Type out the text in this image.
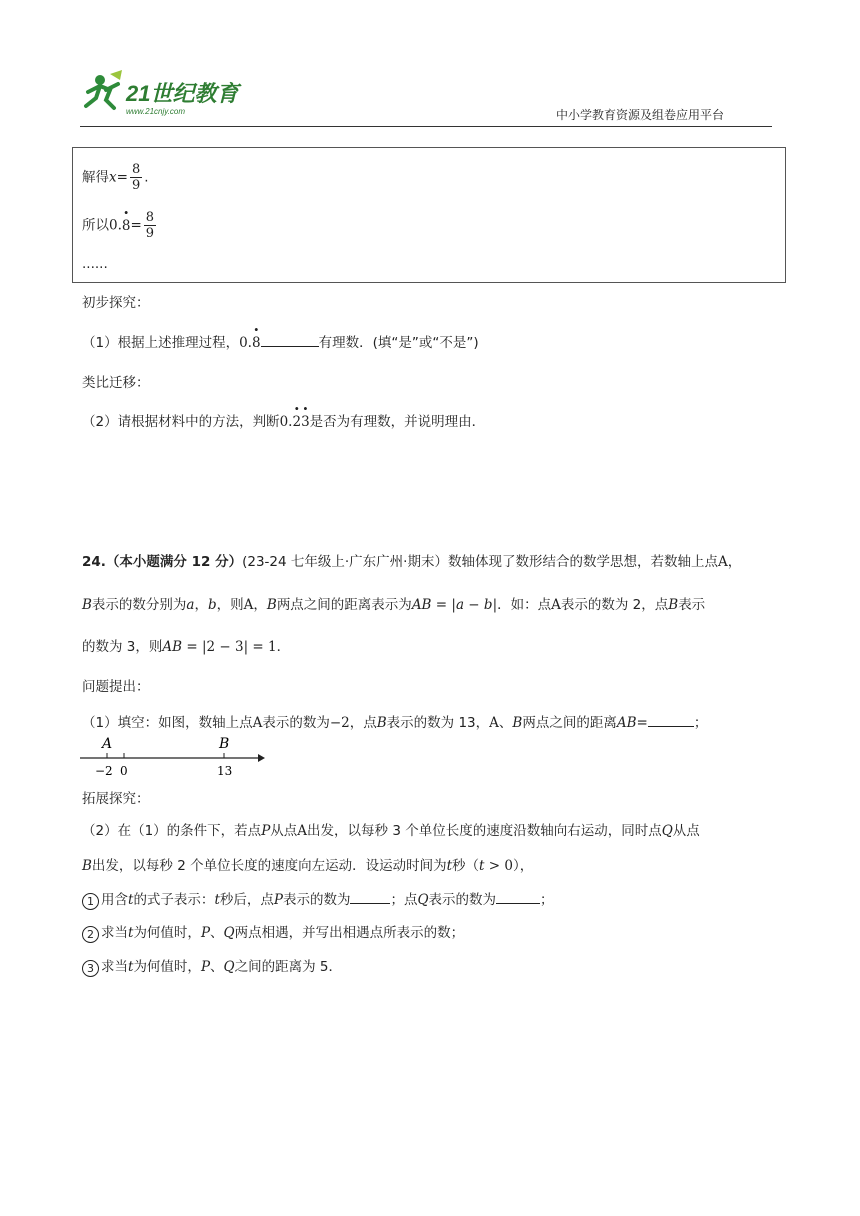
21世纪教育
www.21cnjy.com	中小学教育资源及组卷应用平台
解得$x= \frac{8}{9}$ .
所以$0.\cdot 8= \frac{8}{9}$
......
初步探究：
（1）根据上述推理过程，0.· 8	有理数．(填“是”或“不是”)
类比迁移：
（2）请根据材料中的方法，判断0.· 2· 3是否为有理数，并说明理由．
24.（本小题满分 12 分）(23-24 七年级上·广东广州·期末）数轴体现了数形结合的数学思想，若数轴上点A，
B表示的数分别为a，b，则A，B两点之间的距离表示为AB = |a − b|．如：点A表示的数为 2，点B表示
的数为 3，则AB = |2 − 3| = 1．
问题提出：
（1）填空：如图，数轴上点A表示的数为−2，点B表示的数为 13，A、B两点之间的距离AB=	；
A	B
−2 0	13
拓展探究：
（2）在（1）的条件下，若点P从点A出发，以每秒 3 个单位长度的速度沿数轴向右运动，同时点Q从点
B出发，以每秒 2 个单位长度的速度向左运动．设运动时间为t秒（t > 0），
1 用含t的式子表示：t秒后，点P表示的数为	；点Q表示的数为	；
2 求当t为何值时，P、Q两点相遇，并写出相遇点所表示的数；
3 求当t为何值时，P、Q之间的距离为 5．
